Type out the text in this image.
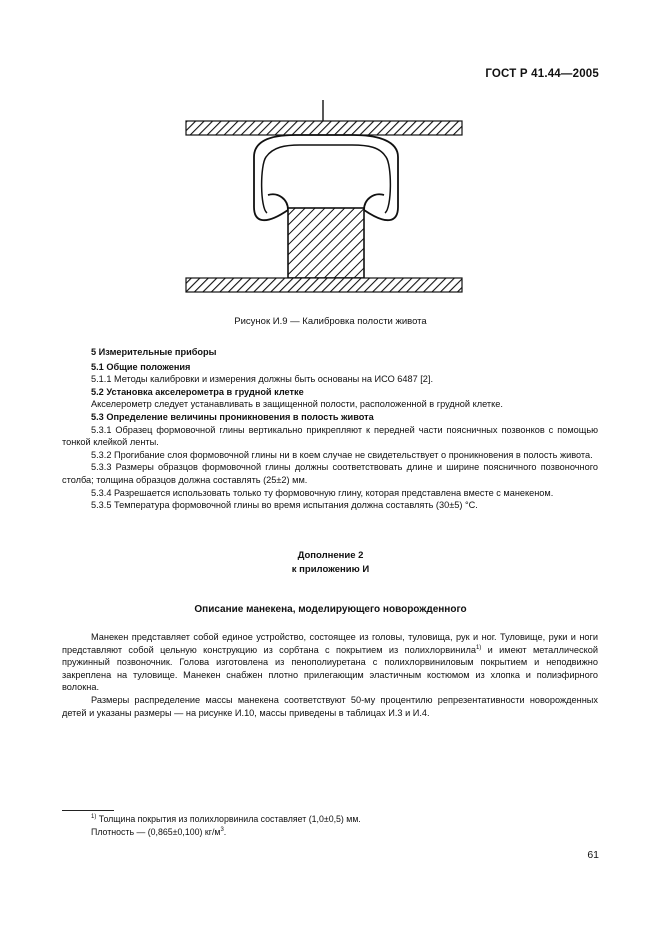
ГОСТ Р 41.44—2005
Рисунок И.9 — Калибровка полости живота

5 Измерительные приборы

5.1 Общие положения

5.1.1 Методы калибровки и измерения должны быть основаны на ИСО 6487 [2].

5.2 Установка акселерометра в грудной клетке

Акселерометр следует устанавливать в защищенной полости, расположенной в грудной клетке.

5.3 Определение величины проникновения в полость живота

5.3.1 Образец формовочной глины вертикально прикрепляют к передней части поясничных позвонков с помощью тонкой клейкой ленты.

5.3.2 Прогибание слоя формовочной глины ни в коем случае не свидетельствует о проникновения в полость живота.

5.3.3 Размеры образцов формовочной глины должны соответствовать длине и ширине поясничного позвоночного столба; толщина образцов должна составлять (25±2) мм.

5.3.4 Разрешается использовать только ту формовочную глину, которая представлена вместе с манекеном.

5.3.5 Температура формовочной глины во время испытания должна составлять (30±5) °С.

Дополнение 2
к приложению И
Описание манекена, моделирующего новорожденного

Манекен представляет собой единое устройство, состоящее из головы, туловища, рук и ног. Туловище, руки и ноги представляют собой цельную конструкцию из сорбтана с покрытием из полихлорвинила$^{1)}$ и имеют металлической пружинный позвоночник. Голова изготовлена из пенополиуретана с полихлорвиниловым покрытием и неподвижно закреплена на туловище. Манекен снабжен плотно прилегающим эластичным костюмом из хлопка и полиэфирного волокна.

Размеры распределение массы манекена соответствуют 50-му процентилю репрезентативности новорожденных детей и указаны размеры — на рисунке И.10, массы приведены в таблицах И.3 и И.4.

$^{1)}$ Толщина покрытия из полихлорвинила составляет (1,0±0,5) мм.
Плотность — (0,865±0,100) $кг/м^3$.
61
